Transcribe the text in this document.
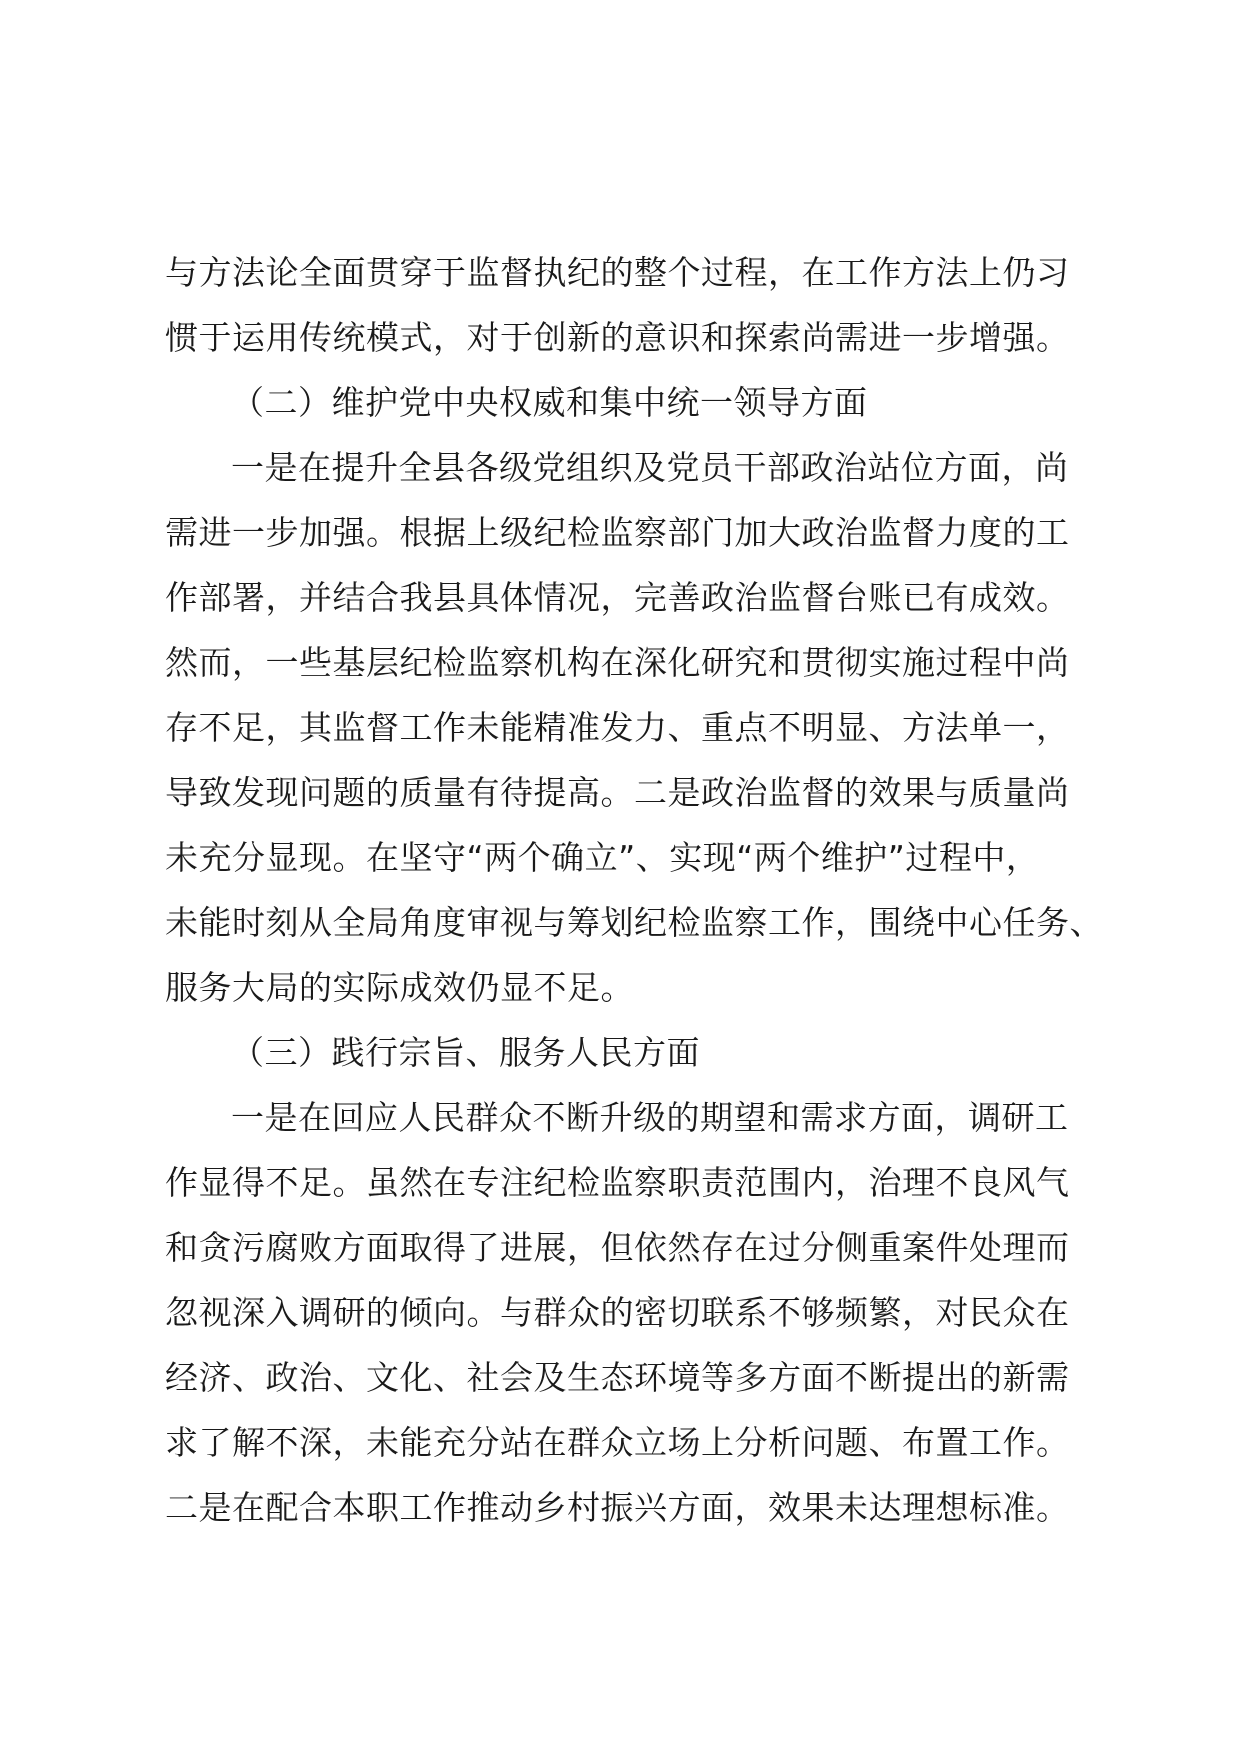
与方法论全面贯穿于监督执纪的整个过程，在工作方法上仍习
惯于运用传统模式，对于创新的意识和探索尚需进一步增强。
（二）维护党中央权威和集中统一领导方面
一是在提升全县各级党组织及党员干部政治站位方面，尚
需进一步加强。根据上级纪检监察部门加大政治监督力度的工
作部署，并结合我县具体情况，完善政治监督台账已有成效。
然而，一些基层纪检监察机构在深化研究和贯彻实施过程中尚
存不足，其监督工作未能精准发力、重点不明显、方法单一，
导致发现问题的质量有待提高。二是政治监督的效果与质量尚
未充分显现。在坚守“两个确立”、实现“两个维护”过程中，
未能时刻从全局角度审视与筹划纪检监察工作，围绕中心任务、
服务大局的实际成效仍显不足。
（三）践行宗旨、服务人民方面
一是在回应人民群众不断升级的期望和需求方面，调研工
作显得不足。虽然在专注纪检监察职责范围内，治理不良风气
和贪污腐败方面取得了进展，但依然存在过分侧重案件处理而
忽视深入调研的倾向。与群众的密切联系不够频繁，对民众在
经济、政治、文化、社会及生态环境等多方面不断提出的新需
求了解不深，未能充分站在群众立场上分析问题、布置工作。
二是在配合本职工作推动乡村振兴方面，效果未达理想标准。
